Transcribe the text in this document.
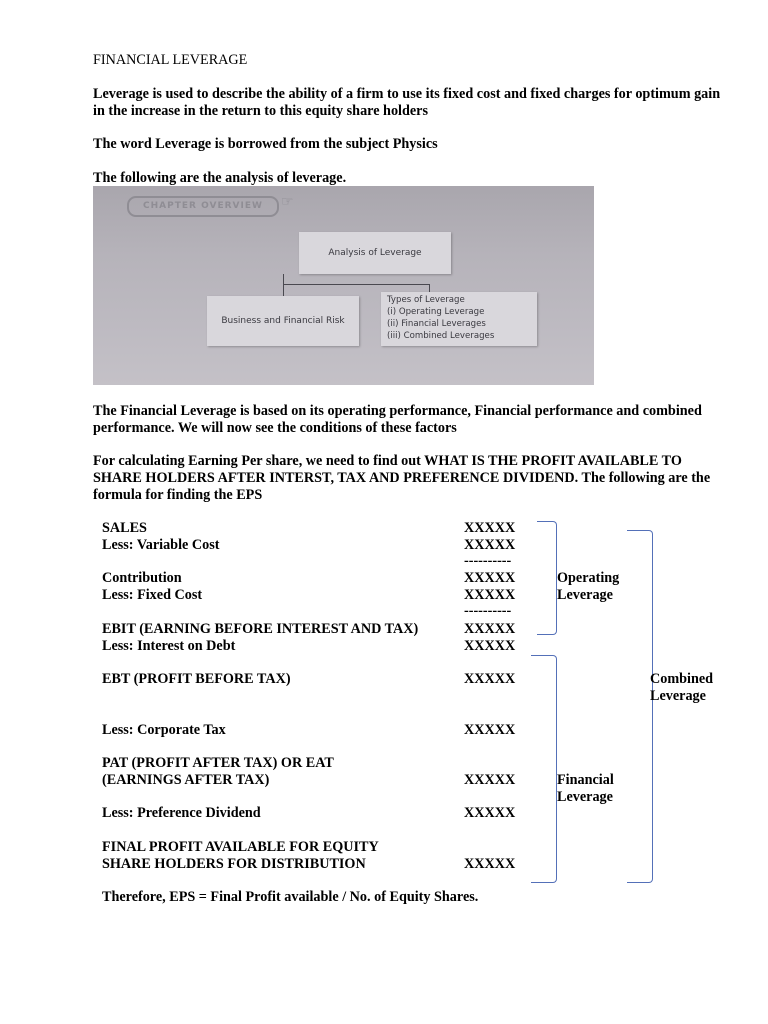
FINANCIAL LEVERAGE
Leverage is used to describe the ability of a firm to use its fixed cost and fixed charges for optimum gain in the increase in the return to this equity share holders
The word Leverage is borrowed from the subject Physics
The following are the analysis of leverage.
CHAPTER OVERVIEW	☞
Analysis of Leverage
Business and Financial Risk
Types of Leverage
(i) Operating Leverage
(ii) Financial Leverages
(iii) Combined Leverages
The Financial Leverage is based on its operating performance, Financial performance and combined performance. We will now see the conditions of these factors
For calculating Earning Per share, we need to find out WHAT IS THE PROFIT AVAILABLE TO SHARE HOLDERS AFTER INTERST, TAX AND PREFERENCE DIVIDEND. The following are the formula for finding the EPS
SALES
Less: Variable Cost
Contribution
Less: Fixed Cost
EBIT (EARNING BEFORE INTEREST AND TAX)
Less: Interest on Debt
EBT (PROFIT BEFORE TAX)
Less: Corporate Tax
PAT (PROFIT AFTER TAX) OR EAT
(EARNINGS AFTER TAX)
Less: Preference Dividend
FINAL PROFIT AVAILABLE FOR EQUITY
SHARE HOLDERS FOR DISTRIBUTION
XXXXX
XXXXX
----------
XXXXX
XXXXX
----------
XXXXX
XXXXX
XXXXX
XXXXX
XXXXX
XXXXX
XXXXX
Operating
Leverage
Financial
Leverage
Combined
Leverage
Therefore, EPS = Final Profit available / No. of Equity Shares.
